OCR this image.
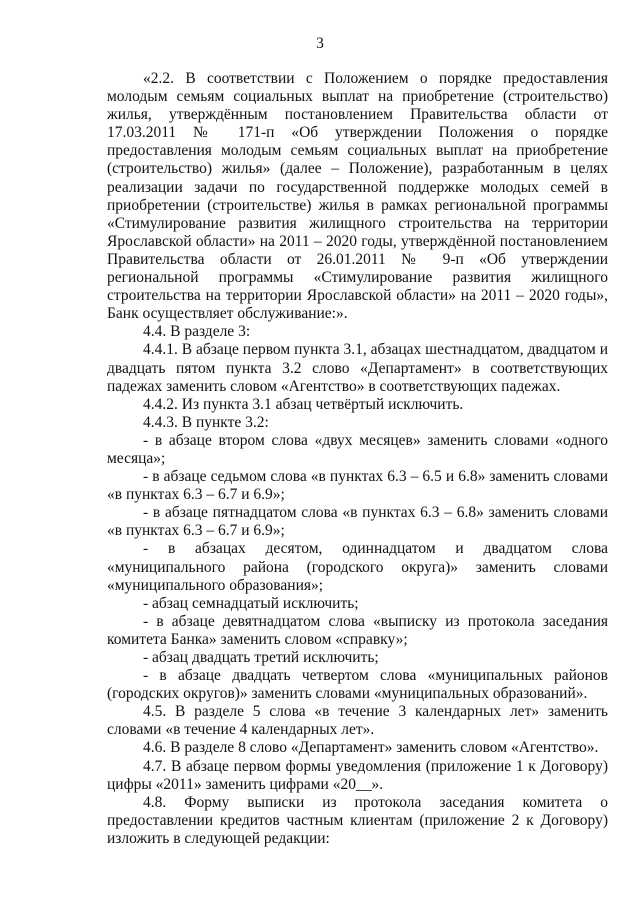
3

«2.2. В соответствии с Положением о порядке предоставления молодым семьям социальных выплат на приобретение (строительство) жилья, утверждённым постановлением Правительства области от 17.03.2011 № 171-п «Об утверждении Положения о порядке предоставления молодым семьям социальных выплат на приобретение (строительство) жилья» (далее – Положение), разработанным в целях реализации задачи по государственной поддержке молодых семей в приобретении (строительстве) жилья в рамках региональной программы «Стимулирование развития жилищного строительства на территории Ярославской области» на 2011 – 2020 годы, утверждённой постановлением Правительства области от 26.01.2011 № 9-п «Об утверждении региональной программы «Стимулирование развития жилищного строительства на территории Ярославской области» на 2011 – 2020 годы», Банк осуществляет обслуживание:».

4.4. В разделе 3:

4.4.1. В абзаце первом пункта 3.1, абзацах шестнадцатом, двадцатом и двадцать пятом пункта 3.2 слово «Департамент» в соответствующих падежах заменить словом «Агентство» в соответствующих падежах.

4.4.2. Из пункта 3.1 абзац четвёртый исключить.

4.4.3. В пункте 3.2:

- в абзаце втором слова «двух месяцев» заменить словами «одного месяца»;

- в абзаце седьмом слова «в пунктах 6.3 – 6.5 и 6.8» заменить словами «в пунктах 6.3 – 6.7 и 6.9»;

- в абзаце пятнадцатом слова «в пунктах 6.3 – 6.8» заменить словами «в пунктах 6.3 – 6.7 и 6.9»;

- в абзацах десятом, одиннадцатом и двадцатом слова «муниципального района (городского округа)» заменить словами «муниципального образования»;

- абзац семнадцатый исключить;

- в абзаце девятнадцатом слова «выписку из протокола заседания комитета Банка» заменить словом «справку»;

- абзац двадцать третий исключить;

- в абзаце двадцать четвертом слова «муниципальных районов (городских округов)» заменить словами «муниципальных образований».

4.5. В разделе 5 слова «в течение 3 календарных лет» заменить словами «в течение 4 календарных лет».

4.6. В разделе 8 слово «Департамент» заменить словом «Агентство».

4.7. В абзаце первом формы уведомления (приложение 1 к Договору) цифры «2011» заменить цифрами «20__».

4.8. Форму выписки из протокола заседания комитета о предоставлении кредитов частным клиентам (приложение 2 к Договору) изложить в следующей редакции:
